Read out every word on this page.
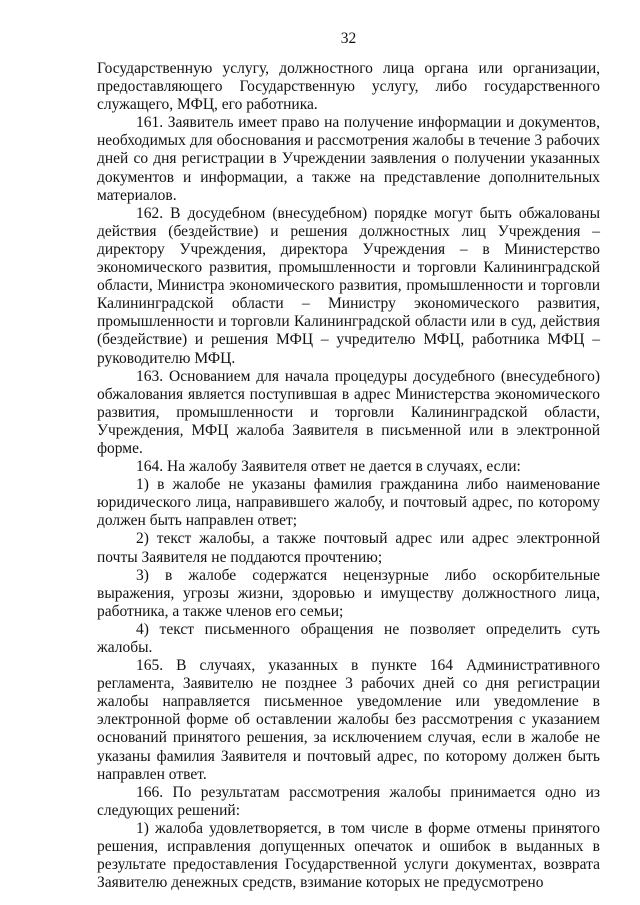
32

Государственную услугу, должностного лица органа или организации, предоставляющего Государственную услугу, либо государственного служащего, МФЦ, его работника.

161. Заявитель имеет право на получение информации и документов, необходимых для обоснования и рассмотрения жалобы в течение 3 рабочих дней со дня регистрации в Учреждении заявления о получении указанных документов и информации, а также на представление дополнительных материалов.

162. В досудебном (внесудебном) порядке могут быть обжалованы действия (бездействие) и решения должностных лиц Учреждения – директору Учреждения, директора Учреждения – в Министерство экономического развития, промышленности и торговли Калининградской области, Министра экономического развития, промышленности и торговли Калининградской области – Министру экономического развития, промышленности и торговли Калининградской области или в суд, действия (бездействие) и решения МФЦ – учредителю МФЦ, работника МФЦ – руководителю МФЦ.

163. Основанием для начала процедуры досудебного (внесудебного) обжалования является поступившая в адрес Министерства экономического развития, промышленности и торговли Калининградской области, Учреждения, МФЦ жалоба Заявителя в письменной или в электронной форме.

164. На жалобу Заявителя ответ не дается в случаях, если:

1) в жалобе не указаны фамилия гражданина либо наименование юридического лица, направившего жалобу, и почтовый адрес, по которому должен быть направлен ответ;

2) текст жалобы, а также почтовый адрес или адрес электронной почты Заявителя не поддаются прочтению;

3) в жалобе содержатся нецензурные либо оскорбительные выражения, угрозы жизни, здоровью и имуществу должностного лица, работника, а также членов его семьи;

4) текст письменного обращения не позволяет определить суть жалобы.

165. В случаях, указанных в пункте 164 Административного регламента, Заявителю не позднее 3 рабочих дней со дня регистрации жалобы направляется письменное уведомление или уведомление в электронной форме об оставлении жалобы без рассмотрения с указанием оснований принятого решения, за исключением случая, если в жалобе не указаны фамилия Заявителя и почтовый адрес, по которому должен быть направлен ответ.

166. По результатам рассмотрения жалобы принимается одно из следующих решений:

1) жалоба удовлетворяется, в том числе в форме отмены принятого решения, исправления допущенных опечаток и ошибок в выданных в результате предоставления Государственной услуги документах, возврата Заявителю денежных средств, взимание которых не предусмотрено
